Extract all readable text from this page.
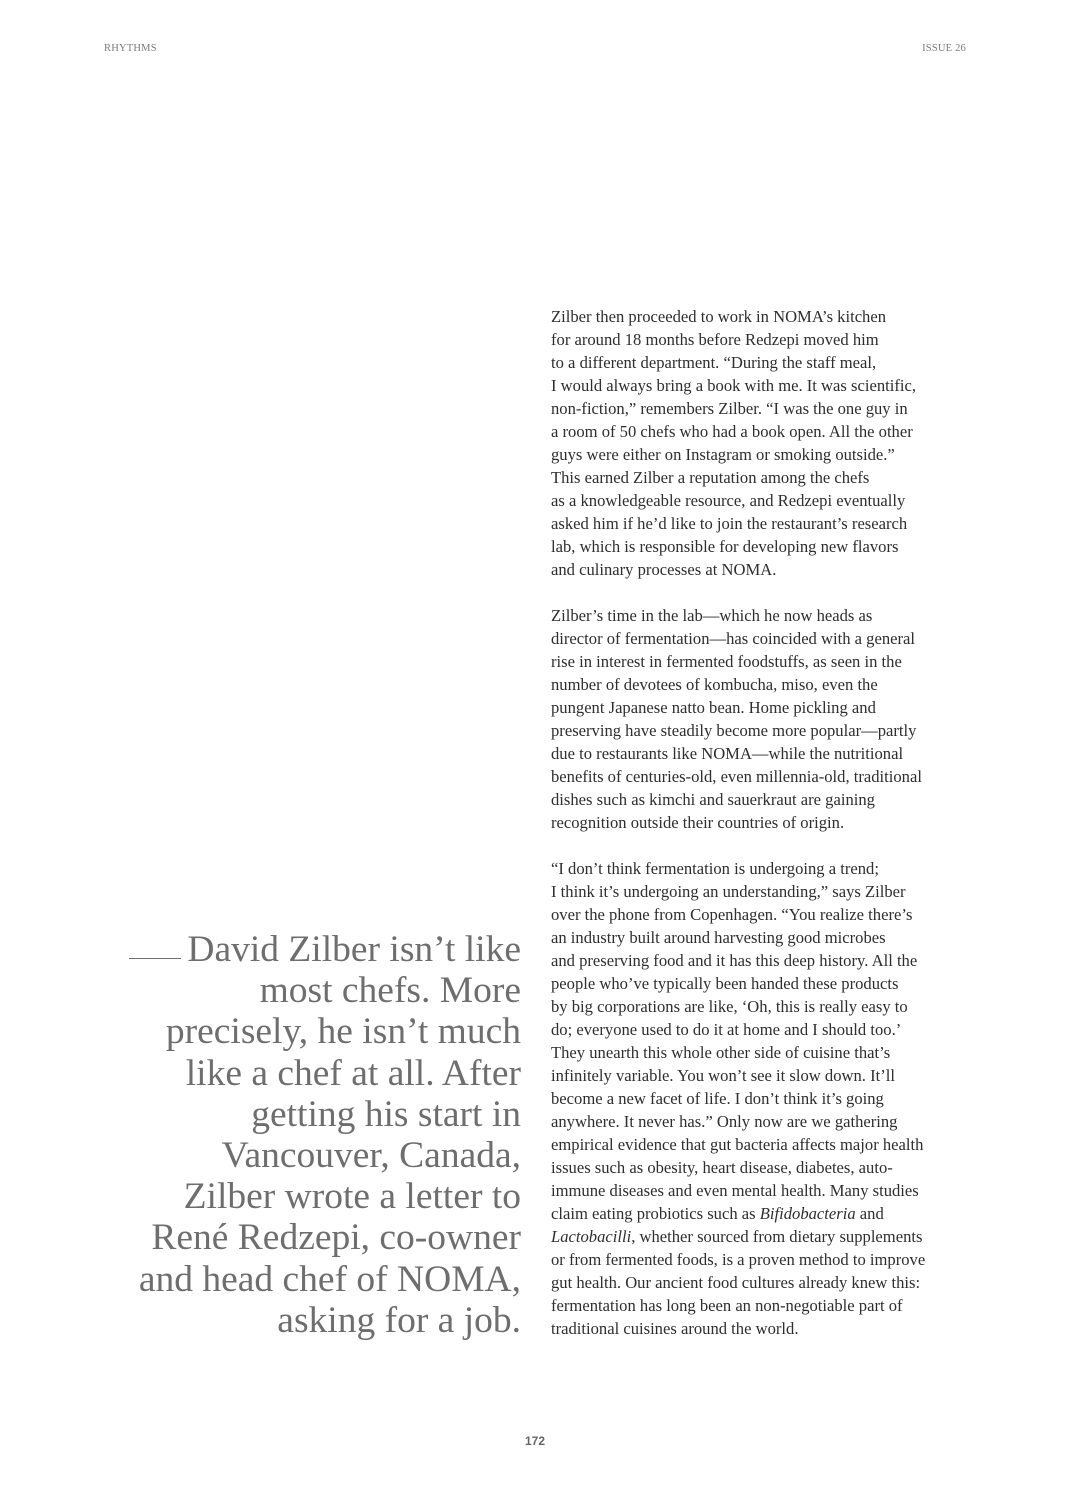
RHYTHMS	ISSUE 26
David Zilber isn’t like
most chefs. More
precisely, he isn’t much
like a chef at all. After
getting his start in
Vancouver, Canada,
Zilber wrote a letter to
René Redzepi, co-owner
and head chef of NOMA,
asking for a job.

Zilber then proceeded to work in NOMA’s kitchen
for around 18 months before Redzepi moved him
to a different department. “During the staff meal,
I would always bring a book with me. It was scientific,
non-fiction,” remembers Zilber. “I was the one guy in
a room of 50 chefs who had a book open. All the other
guys were either on Instagram or smoking outside.”
This earned Zilber a reputation among the chefs
as a knowledgeable resource, and Redzepi eventually
asked him if he’d like to join the restaurant’s research
lab, which is responsible for developing new flavors
and culinary processes at NOMA.

Zilber’s time in the lab—which he now heads as
director of fermentation—has coincided with a general
rise in interest in fermented foodstuffs, as seen in the
number of devotees of kombucha, miso, even the
pungent Japanese natto bean. Home pickling and
preserving have steadily become more popular—partly
due to restaurants like NOMA—while the nutritional
benefits of centuries-old, even millennia-old, traditional
dishes such as kimchi and sauerkraut are gaining
recognition outside their countries of origin.

“I don’t think fermentation is undergoing a trend;
I think it’s undergoing an understanding,” says Zilber
over the phone from Copenhagen. “You realize there’s
an industry built around harvesting good microbes
and preserving food and it has this deep history. All the
people who’ve typically been handed these products
by big corporations are like, ‘Oh, this is really easy to
do; everyone used to do it at home and I should too.’
They unearth this whole other side of cuisine that’s
infinitely variable. You won’t see it slow down. It’ll
become a new facet of life. I don’t think it’s going
anywhere. It never has.” Only now are we gathering
empirical evidence that gut bacteria affects major health
issues such as obesity, heart disease, diabetes, auto-
immune diseases and even mental health. Many studies
claim eating probiotics such as Bifidobacteria and
Lactobacilli, whether sourced from dietary supplements
or from fermented foods, is a proven method to improve
gut health. Our ancient food cultures already knew this:
fermentation has long been an non-negotiable part of
traditional cuisines around the world.

172
